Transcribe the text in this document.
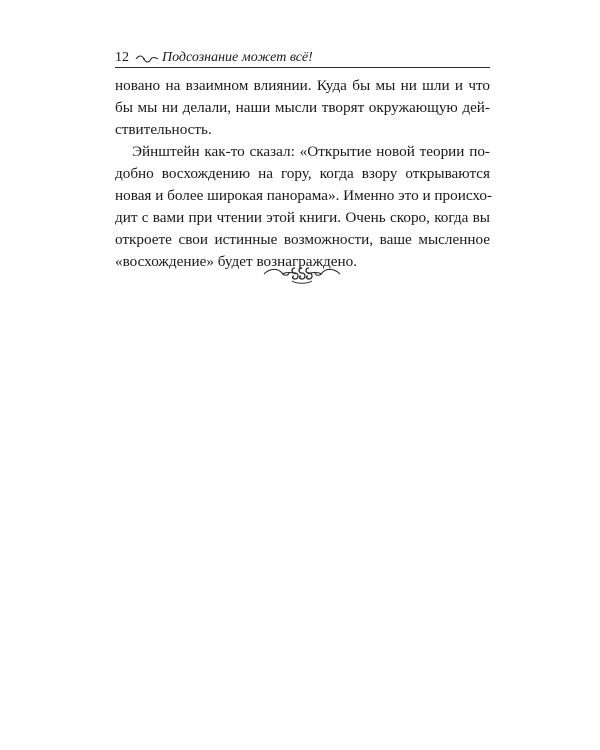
12 Подсознание может всё!
новано на взаимном влиянии. Куда бы мы ни шли и что
бы мы ни делали, наши мысли творят окружающую дей-
ствительность.
Эйнштейн как-то сказал: «Открытие новой теории по-
добно восхождению на гору, когда взору открываются
новая и более широкая панорама». Именно это и происхо-
дит с вами при чтении этой книги. Очень скоро, когда вы
откроете свои истинные возможности, ваше мысленное
«восхождение» будет вознаграждено.
